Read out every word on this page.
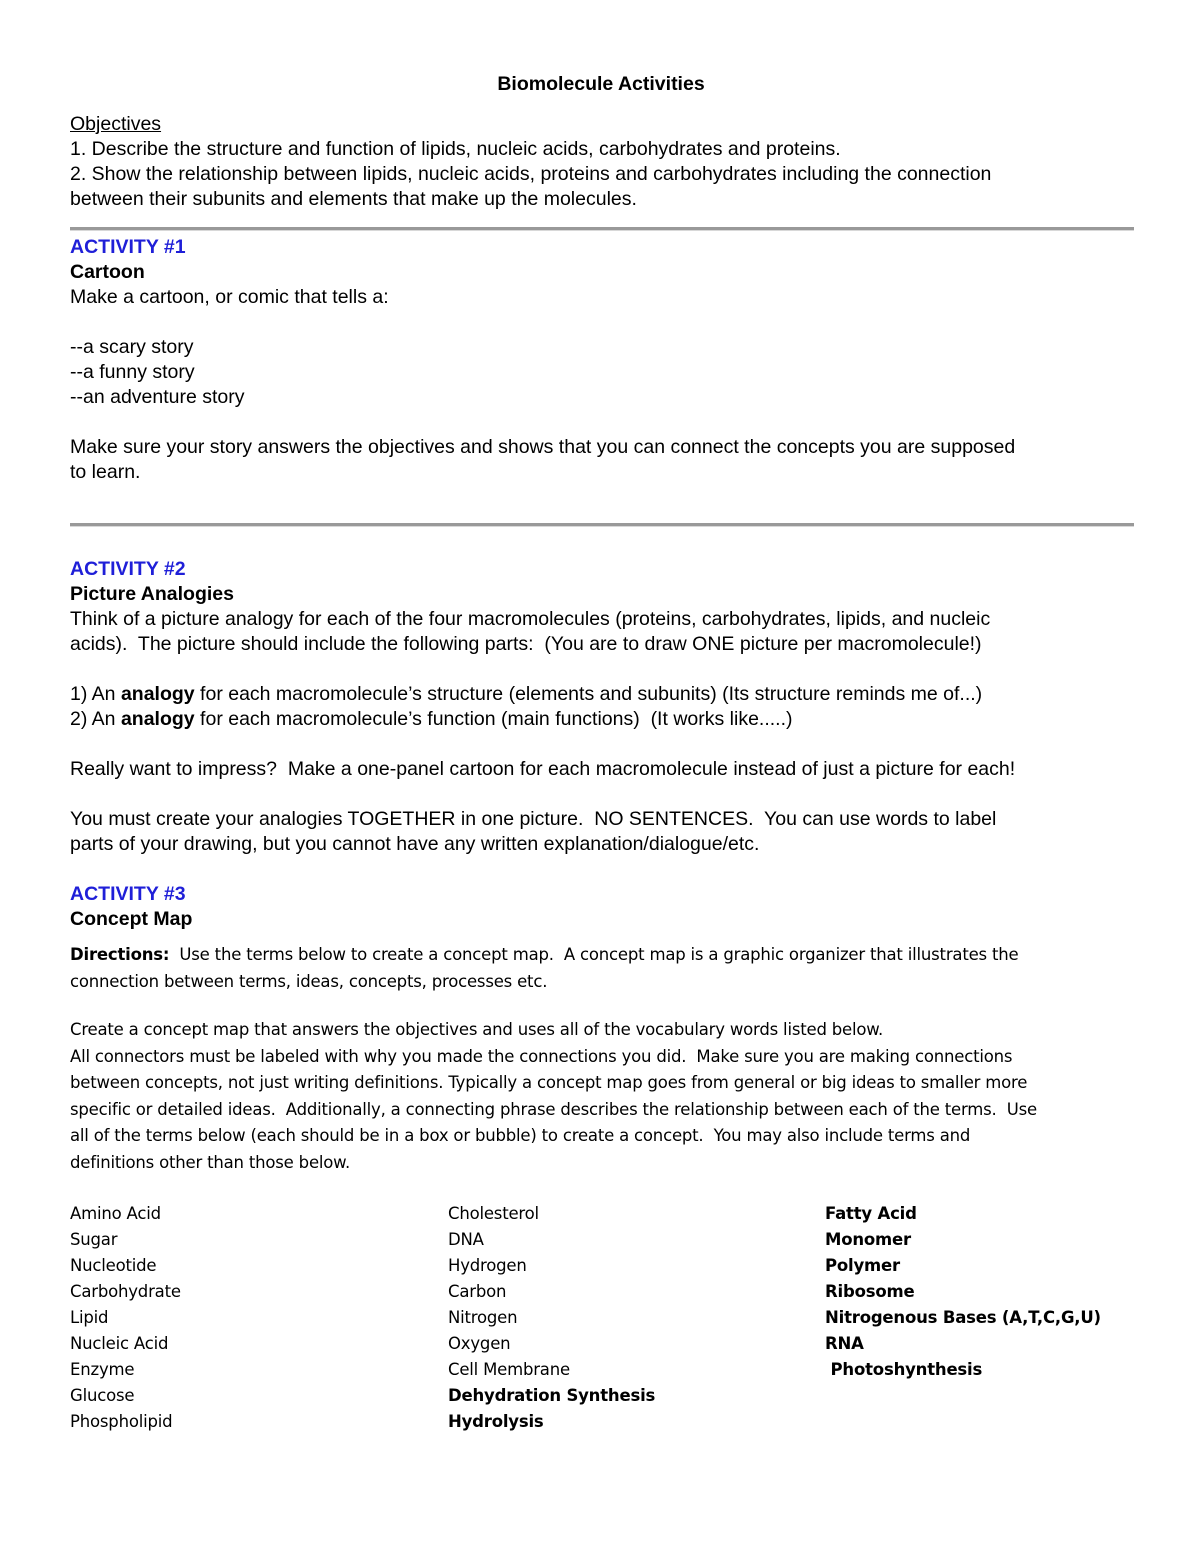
Biomolecule Activities

Objectives

1. Describe the structure and function of lipids, nucleic acids, carbohydrates and proteins.

2. Show the relationship between lipids, nucleic acids, proteins and carbohydrates including the connection

between their subunits and elements that make up the molecules.

ACTIVITY #1

Cartoon

Make a cartoon, or comic that tells a:

--a scary story

--a funny story

--an adventure story

Make sure your story answers the objectives and shows that you can connect the concepts you are supposed

to learn.

ACTIVITY #2

Picture Analogies

Think of a picture analogy for each of the four macromolecules (proteins, carbohydrates, lipids, and nucleic

acids).  The picture should include the following parts:  (You are to draw ONE picture per macromolecule!)

1) An analogy for each macromolecule’s structure (elements and subunits) (Its structure reminds me of...)

2) An analogy for each macromolecule’s function (main functions)  (It works like.....)

Really want to impress?  Make a one-panel cartoon for each macromolecule instead of just a picture for each!

You must create your analogies TOGETHER in one picture.  NO SENTENCES.  You can use words to label

parts of your drawing, but you cannot have any written explanation/dialogue/etc.

ACTIVITY #3

Concept Map

Directions:  Use the terms below to create a concept map.  A concept map is a graphic organizer that illustrates the

connection between terms, ideas, concepts, processes etc.

Create a concept map that answers the objectives and uses all of the vocabulary words listed below.

All connectors must be labeled with why you made the connections you did.  Make sure you are making connections

between concepts, not just writing definitions. Typically a concept map goes from general or big ideas to smaller more

specific or detailed ideas.  Additionally, a connecting phrase describes the relationship between each of the terms.  Use

all of the terms below (each should be in a box or bubble) to create a concept.  You may also include terms and

definitions other than those below.

Amino Acid
Sugar
Nucleotide
Carbohydrate
Lipid
Nucleic Acid
Enzyme
Glucose
Phospholipid
Cholesterol
DNA
Hydrogen
Carbon
Nitrogen
Oxygen
Cell Membrane
Dehydration Synthesis
Hydrolysis
Fatty Acid
Monomer
Polymer
Ribosome
Nitrogenous Bases (A,T,C,G,U)
RNA
Photoshynthesis
